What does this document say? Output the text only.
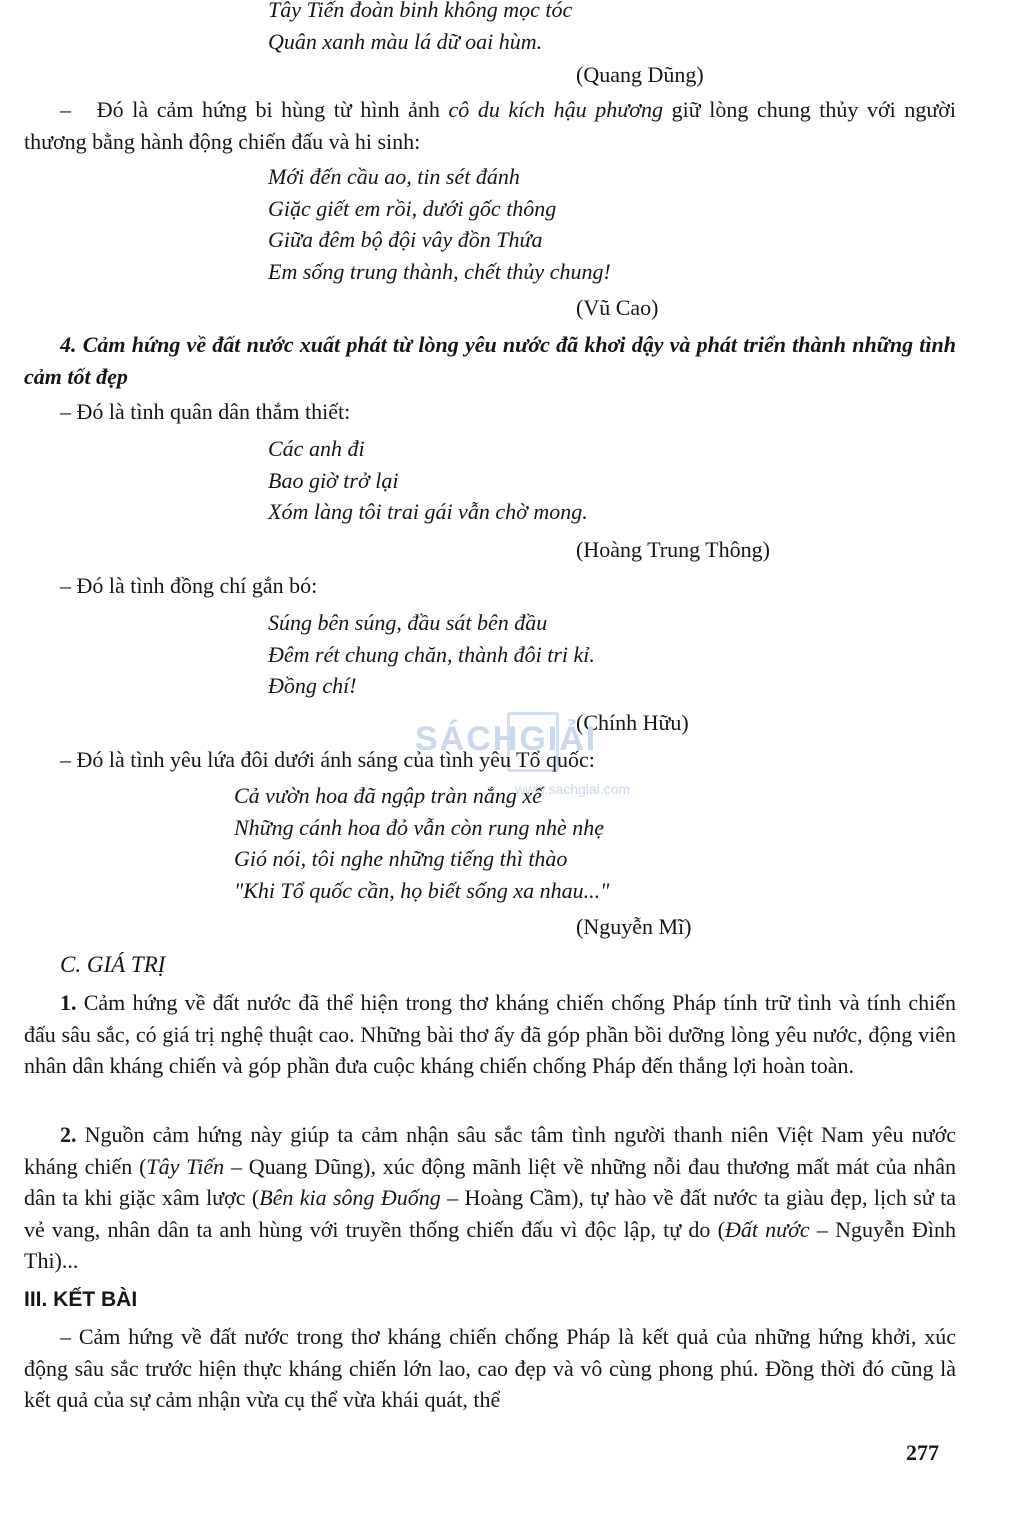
Tây Tiến đoàn binh không mọc tóc
Quân xanh màu lá dữ oai hùm.
(Quang Dũng)

– Đó là cảm hứng bi hùng từ hình ảnh cô du kích hậu phương giữ lòng chung thủy với người thương bằng hành động chiến đấu và hi sinh:

Mới đến cầu ao, tin sét đánh
Giặc giết em rồi, dưới gốc thông
Giữa đêm bộ đội vây đồn Thứa
Em sống trung thành, chết thủy chung!
(Vũ Cao)

4. Cảm hứng về đất nước xuất phát từ lòng yêu nước đã khơi dậy và phát triển thành những tình cảm tốt đẹp

– Đó là tình quân dân thắm thiết:

Các anh đi
Bao giờ trở lại
Xóm làng tôi trai gái vẫn chờ mong.
(Hoàng Trung Thông)

– Đó là tình đồng chí gắn bó:

Súng bên súng, đầu sát bên đầu
Đêm rét chung chăn, thành đôi tri kỉ.
Đồng chí!
(Chính Hữu)
SÁCHGIẢI
www.sachgiai.com

– Đó là tình yêu lứa đôi dưới ánh sáng của tình yêu Tổ quốc:

Cả vườn hoa đã ngập tràn nắng xế
Những cánh hoa đỏ vẫn còn rung nhè nhẹ
Gió nói, tôi nghe những tiếng thì thào
"Khi Tổ quốc cần, họ biết sống xa nhau..."
(Nguyễn Mĩ)
C. GIÁ TRỊ

1. Cảm hứng về đất nước đã thể hiện trong thơ kháng chiến chống Pháp tính trữ tình và tính chiến đấu sâu sắc, có giá trị nghệ thuật cao. Những bài thơ ấy đã góp phần bồi dưỡng lòng yêu nước, động viên nhân dân kháng chiến và góp phần đưa cuộc kháng chiến chống Pháp đến thắng lợi hoàn toàn.

2. Nguồn cảm hứng này giúp ta cảm nhận sâu sắc tâm tình người thanh niên Việt Nam yêu nước kháng chiến (Tây Tiến – Quang Dũng), xúc động mãnh liệt về những nỗi đau thương mất mát của nhân dân ta khi giặc xâm lược (Bên kia sông Đuống – Hoàng Cầm), tự hào về đất nước ta giàu đẹp, lịch sử ta vẻ vang, nhân dân ta anh hùng với truyền thống chiến đấu vì độc lập, tự do (Đất nước – Nguyễn Đình Thi)...

III. KẾT BÀI

– Cảm hứng về đất nước trong thơ kháng chiến chống Pháp là kết quả của những hứng khởi, xúc động sâu sắc trước hiện thực kháng chiến lớn lao, cao đẹp và vô cùng phong phú. Đồng thời đó cũng là kết quả của sự cảm nhận vừa cụ thể vừa khái quát, thể

277
